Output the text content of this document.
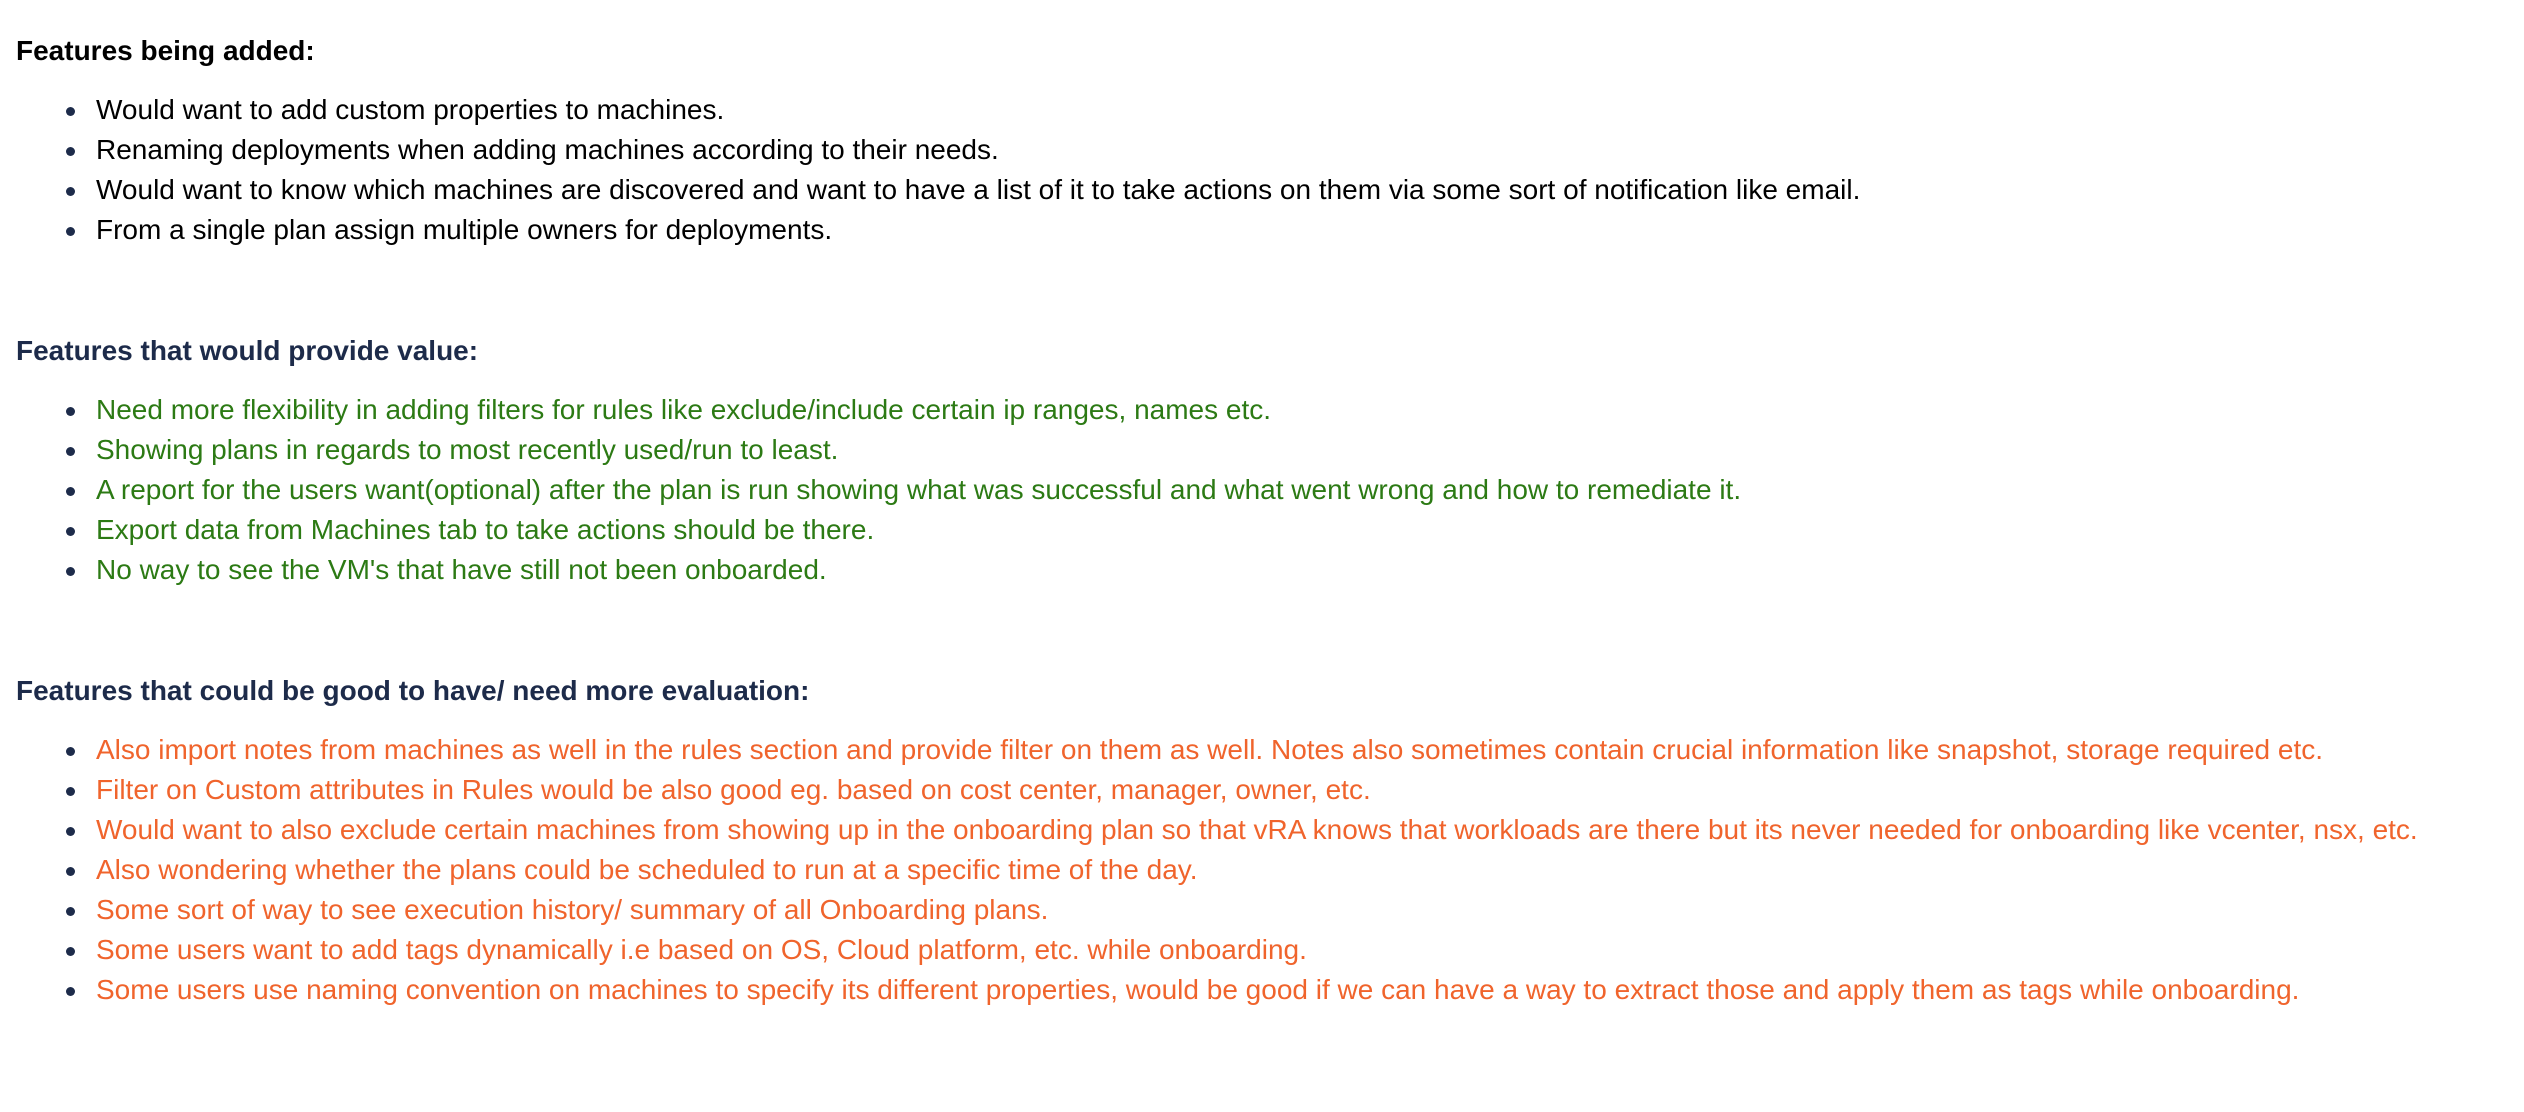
Features being added:
Would want to add custom properties to machines.
Renaming deployments when adding machines according to their needs.
Would want to know which machines are discovered and want to have a list of it to take actions on them via some sort of notification like email.
From a single plan assign multiple owners for deployments.
Features that would provide value:
Need more flexibility in adding filters for rules like exclude/include certain ip ranges, names etc.
Showing plans in regards to most recently used/run to least.
A report for the users want(optional) after the plan is run showing what was successful and what went wrong and how to remediate it.
Export data from Machines tab to take actions should be there.
No way to see the VM's that have still not been onboarded.
Features that could be good to have/ need more evaluation:
Also import notes from machines as well in the rules section and provide filter on them as well. Notes also sometimes contain crucial information like snapshot, storage required etc.
Filter on Custom attributes in Rules would be also good eg. based on cost center, manager, owner, etc.
Would want to also exclude certain machines from showing up in the onboarding plan so that vRA knows that workloads are there but its never needed for onboarding like vcenter, nsx, etc.
Also wondering whether the plans could be scheduled to run at a specific time of the day.
Some sort of way to see execution history/ summary of all Onboarding plans.
Some users want to add tags dynamically i.e based on OS, Cloud platform, etc. while onboarding.
Some users use naming convention on machines to specify its different properties, would be good if we can have a way to extract those and apply them as tags while onboarding.
